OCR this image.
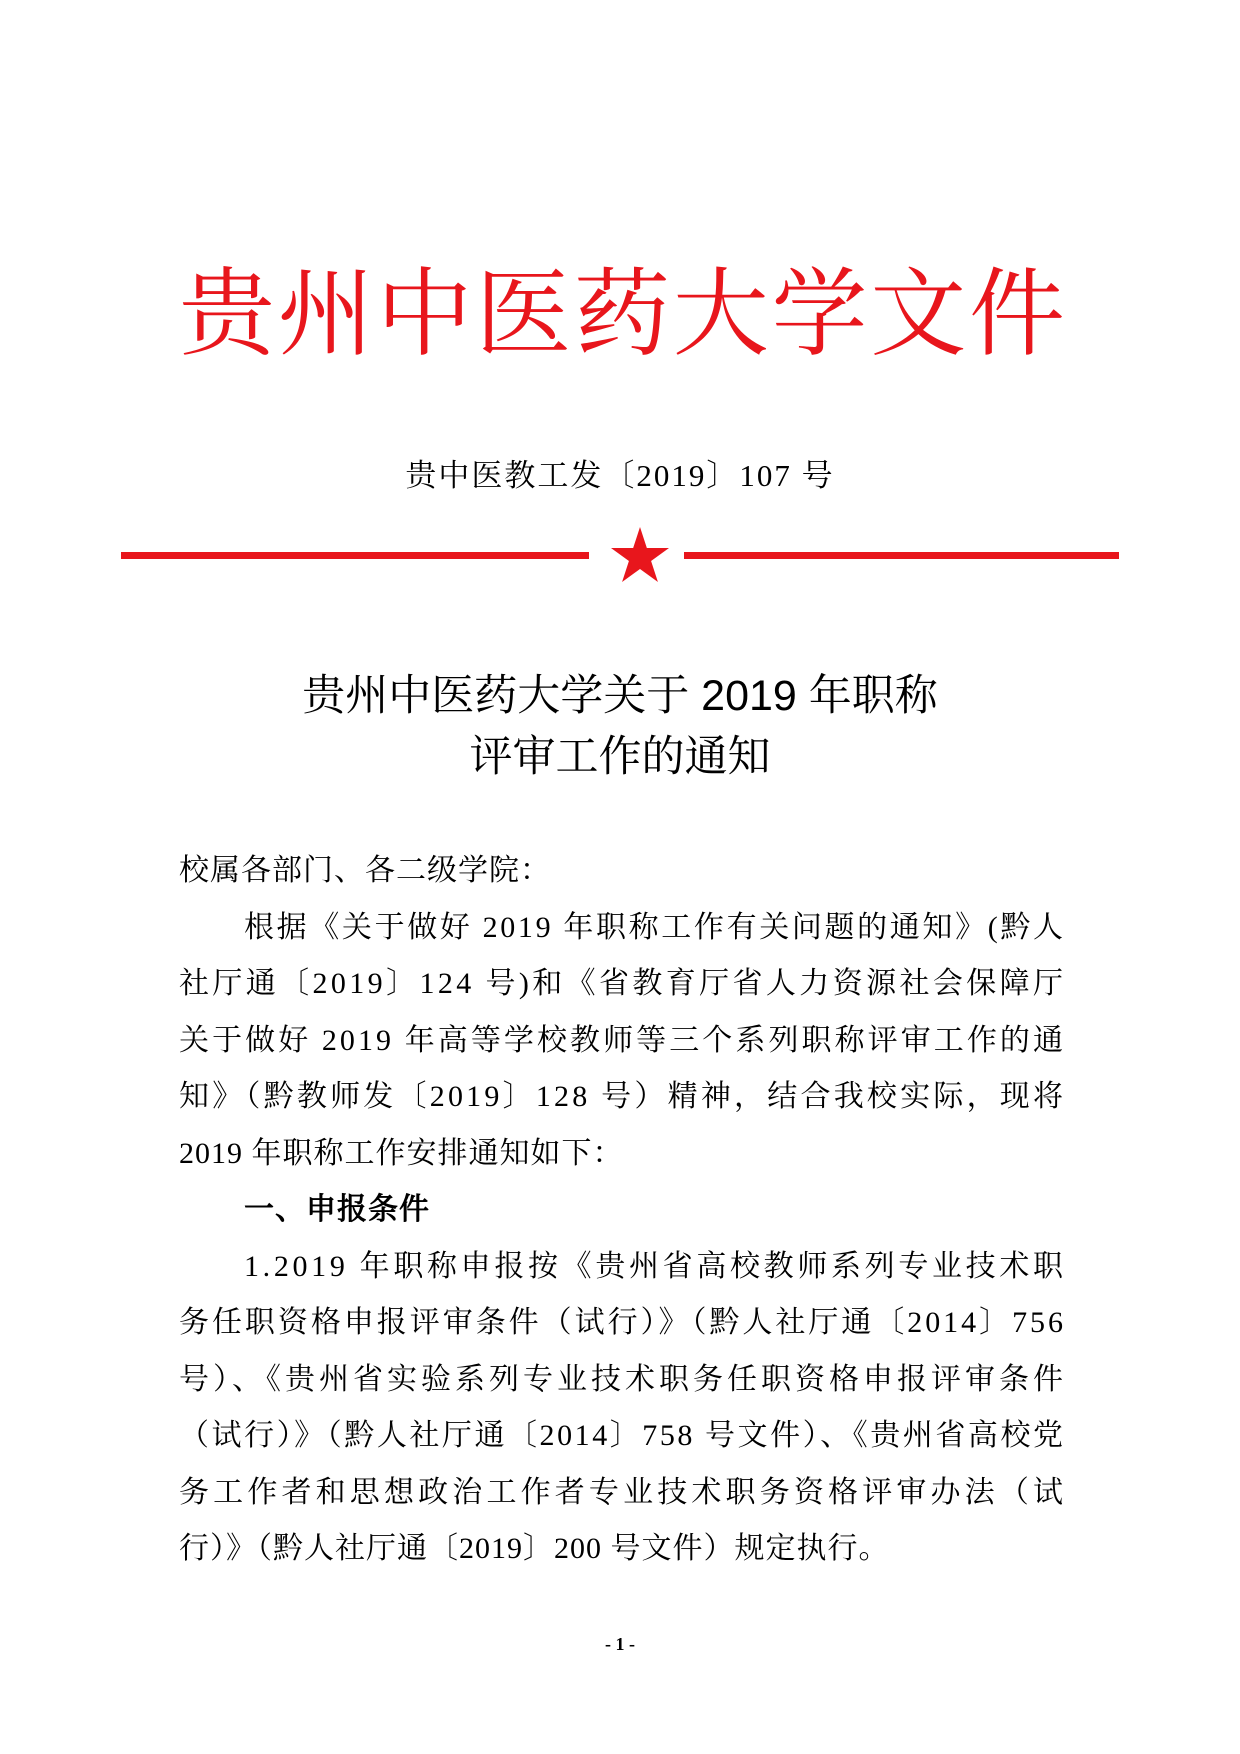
贵州中医药大学文件
贵中医教工发〔2019〕107 号
贵州中医药大学关于 2019 年职称
评审工作的通知
校属各部门、各二级学院：
根据《关于做好 2019 年职称工作有关问题的通知》(黔人
社厅通〔2019〕124 号)和《省教育厅省人力资源社会保障厅
关于做好 2019 年高等学校教师等三个系列职称评审工作的通
知》（黔教师发〔2019〕128 号）精神，结合我校实际，现将
2019 年职称工作安排通知如下：
一、申报条件
1.2019 年职称申报按《贵州省高校教师系列专业技术职
务任职资格申报评审条件（试行）》（黔人社厅通〔2014〕756
号）、《贵州省实验系列专业技术职务任职资格申报评审条件
（试行）》（黔人社厅通〔2014〕758 号文件）、《贵州省高校党
务工作者和思想政治工作者专业技术职务资格评审办法（试
行）》（黔人社厅通〔2019〕200 号文件）规定执行。
- 1 -
